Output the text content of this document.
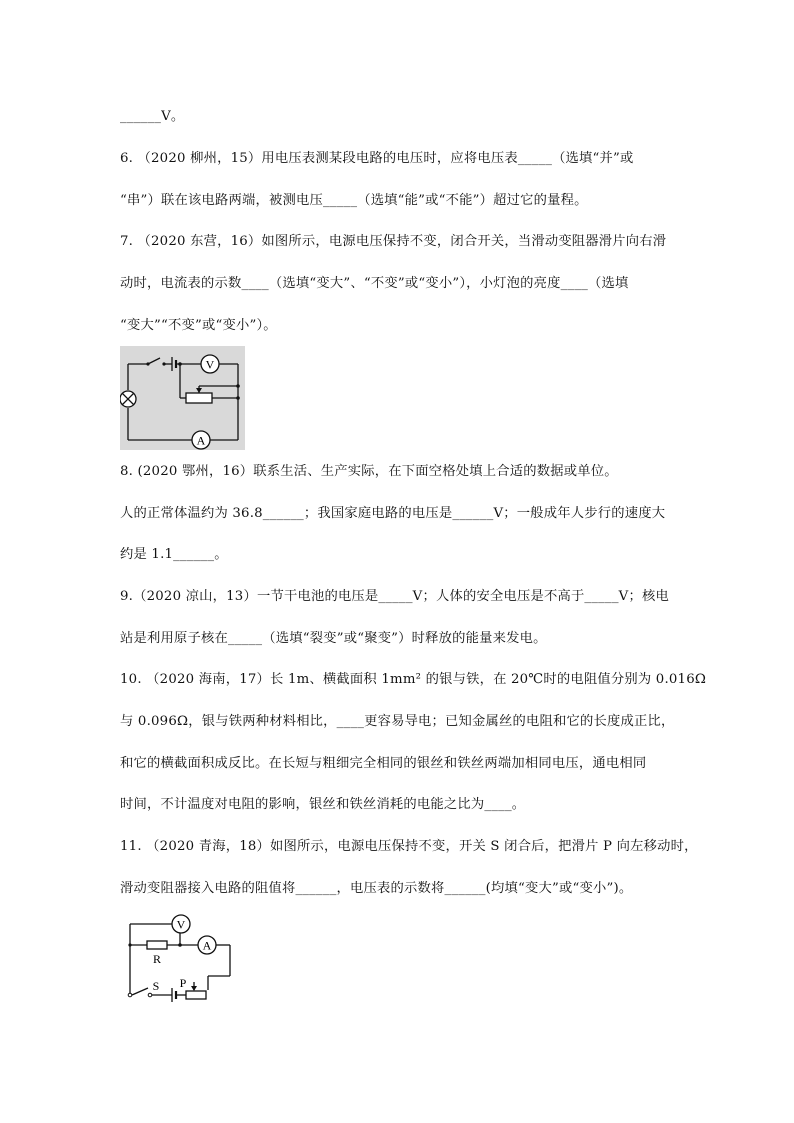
______V。
6. （2020 柳州，15）用电压表测某段电路的电压时，应将电压表_____（选填“并”或
“串”）联在该电路两端，被测电压_____（选填“能”或“不能”）超过它的量程。
7. （2020 东营，16）如图所示，电源电压保持不变，闭合开关，当滑动变阻器滑片向右滑
动时，电流表的示数____（选填“变大”、“不变”或“变小”），小灯泡的亮度____（选填
“变大”“不变”或“变小”）。
V
A
8. (2020 鄂州，16）联系生活、生产实际，在下面空格处填上合适的数据或单位。
人的正常体温约为 36.8______；我国家庭电路的电压是______V；一般成年人步行的速度大
约是 1.1______。
9.（2020 凉山，13）一节干电池的电压是_____V；人体的安全电压是不高于_____V；核电
站是利用原子核在_____（选填“裂变”或“聚变”）时释放的能量来发电。
10. （2020 海南，17）长 1m、横截面积 1mm² 的银与铁，在 20℃时的电阻值分别为 0.016Ω
与 0.096Ω，银与铁两种材料相比，____更容易导电；已知金属丝的电阻和它的长度成正比，
和它的横截面积成反比。在长短与粗细完全相同的银丝和铁丝两端加相同电压，通电相同
时间，不计温度对电阻的影响，银丝和铁丝消耗的电能之比为____。
11. （2020 青海，18）如图所示，电源电压保持不变，开关 S 闭合后，把滑片 P 向左移动时，
滑动变阻器接入电路的阻值将______，电压表的示数将______(均填“变大”或“变小”)。
V
A
R
S P
